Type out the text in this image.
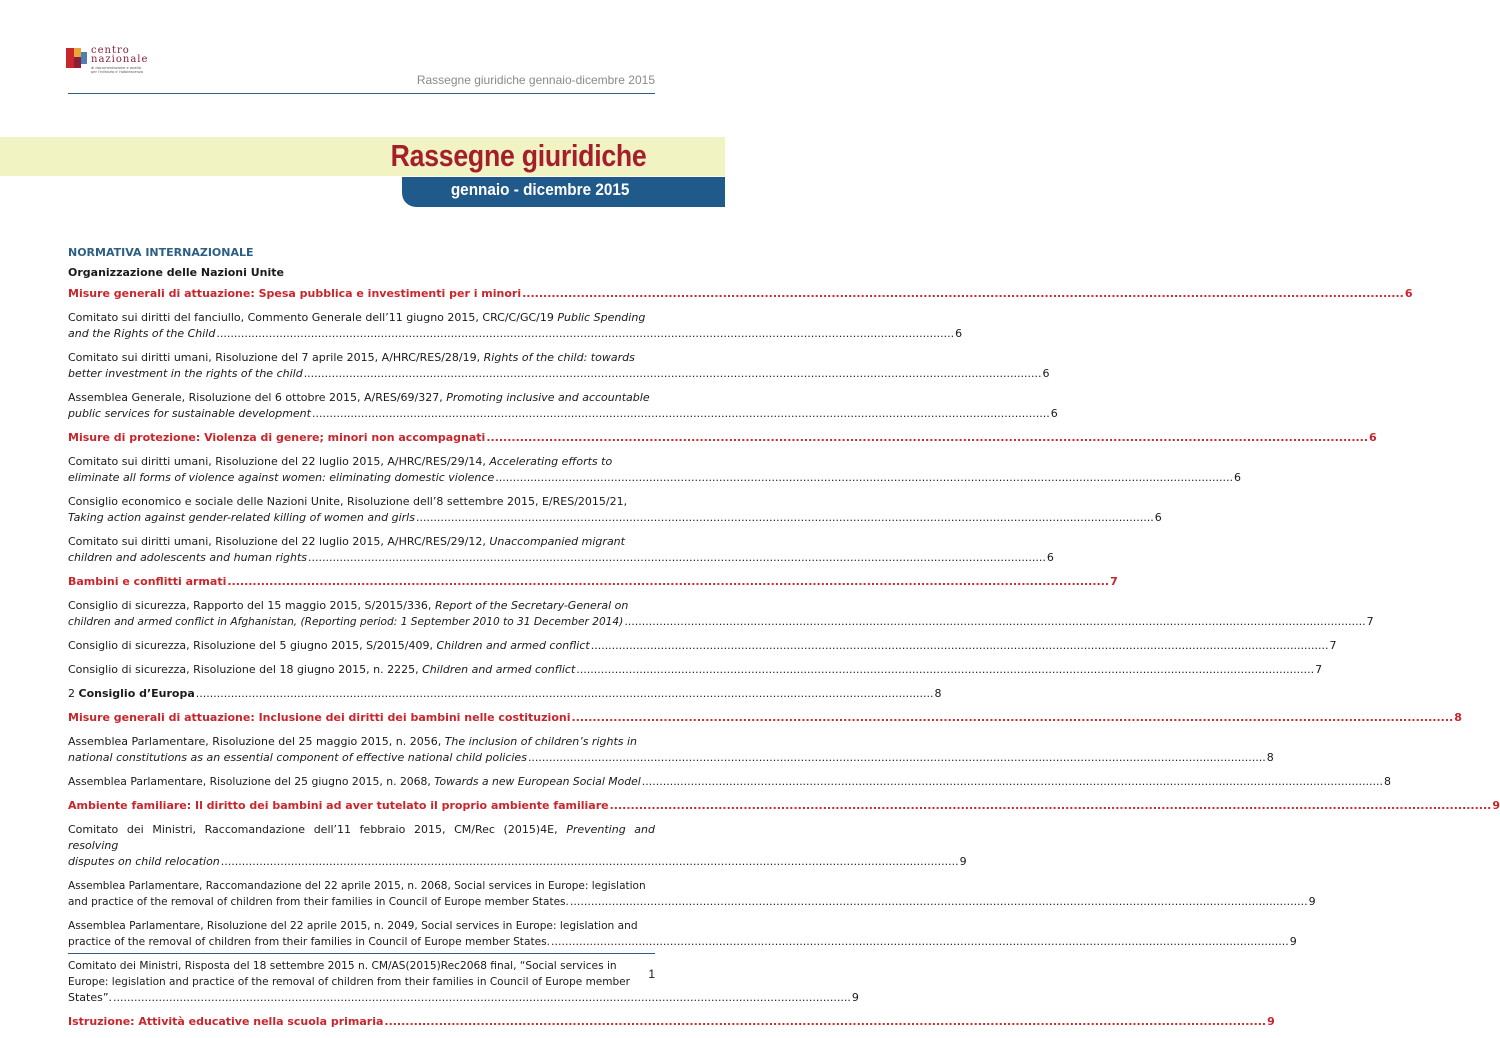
centro
nazionale
di documentazione e analisi
per l'infanzia e l'adolescenza
Rassegne giuridiche gennaio-dicembre 2015
Rassegne giuridiche
gennaio - dicembre 2015
NORMATIVA INTERNAZIONALE
Organizzazione delle Nazioni Unite
Misure generali di attuazione: Spesa pubblica e investimenti per i minori .....	6
Comitato sui diritti del fanciullo, Commento Generale dell’11 giugno 2015, CRC/C/GC/19 Public Spending
and the Rights of the Child .....	6
Comitato sui diritti umani, Risoluzione del 7 aprile 2015, A/HRC/RES/28/19, Rights of the child: towards
better investment in the rights of the child .....	6
Assemblea Generale, Risoluzione del 6 ottobre 2015, A/RES/69/327, Promoting inclusive and accountable
public services for sustainable development .....	6
Misure di protezione: Violenza di genere; minori non accompagnati .....	6
Comitato sui diritti umani, Risoluzione del 22 luglio 2015, A/HRC/RES/29/14, Accelerating efforts to
eliminate all forms of violence against women: eliminating domestic violence .....	6
Consiglio economico e sociale delle Nazioni Unite, Risoluzione dell’8 settembre 2015, E/RES/2015/21,
Taking action against gender-related killing of women and girls .....	6
Comitato sui diritti umani, Risoluzione del 22 luglio 2015, A/HRC/RES/29/12, Unaccompanied migrant
children and adolescents and human rights .....	6
Bambini e conflitti armati .....	7
Consiglio di sicurezza, Rapporto del 15 maggio 2015, S/2015/336, Report of the Secretary-General on
children and armed conflict in Afghanistan, (Reporting period: 1 September 2010 to 31 December 2014)	..... . 7
Consiglio di sicurezza, Risoluzione del 5 giugno 2015, S/2015/409, Children and armed conflict .....	7
Consiglio di sicurezza, Risoluzione del 18 giugno 2015, n. 2225, Children and armed conflict .....	7
2 Consiglio d’Europa .....	8
Misure generali di attuazione: Inclusione dei diritti dei bambini nelle costituzioni .....	8
Assemblea Parlamentare, Risoluzione del 25 maggio 2015, n. 2056, The inclusion of children’s rights in
national constitutions as an essential component of effective national child policies .....	8
Assemblea Parlamentare, Risoluzione del 25 giugno 2015, n. 2068, Towards a new European Social Model	..... . 8
Ambiente familiare: Il diritto dei bambini ad aver tutelato il proprio ambiente familiare .....	9
Comitato dei Ministri, Raccomandazione dell’11 febbraio 2015, CM/Rec (2015)4E, Preventing and resolving
disputes on child relocation .....	9
Assemblea Parlamentare, Raccomandazione del 22 aprile 2015, n. 2068, Social services in Europe: legislation
and practice of the removal of children from their families in Council of Europe member States. .....	9
Assemblea Parlamentare, Risoluzione del 22 aprile 2015, n. 2049, Social services in Europe: legislation and
practice of the removal of children from their families in Council of Europe member States. .....	9
Comitato dei Ministri, Risposta del 18 settembre 2015 n. CM/AS(2015)Rec2068 final, “Social services in
Europe: legislation and practice of the removal of children from their families in Council of Europe member
States”. .....	9
Istruzione: Attività educative nella scuola primaria .....	9
1
